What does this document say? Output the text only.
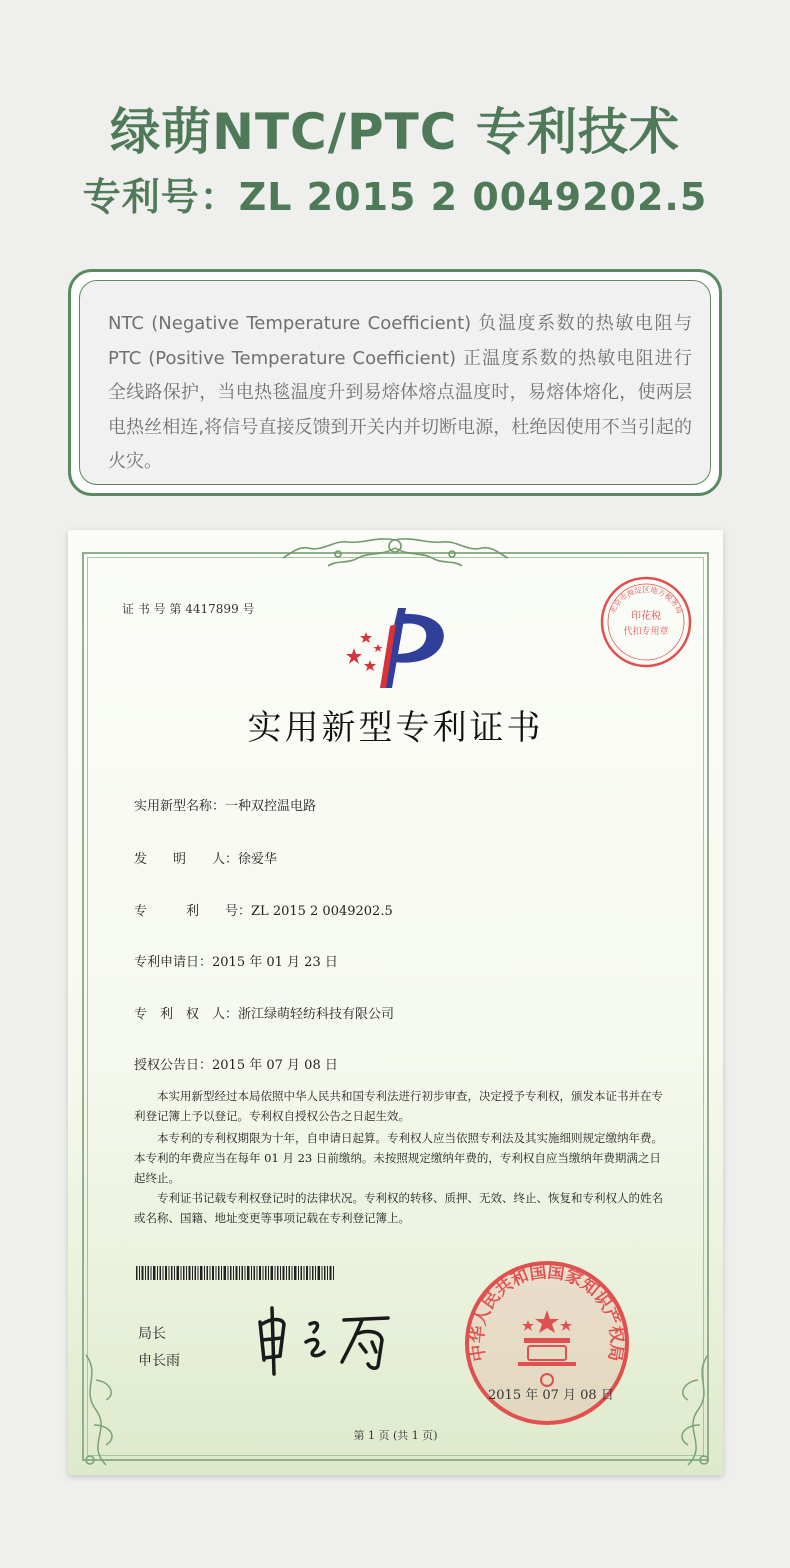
绿萌NTC/PTC 专利技术
专利号：ZL 2015 2 0049202.5

NTC (Negative Temperature Coefficient) 负温度系数的热敏电阻与PTC (Positive Temperature Coefficient) 正温度系数的热敏电阻进行全线路保护，当电热毯温度升到易熔体熔点温度时，易熔体熔化，使两层电热丝相连,将信号直接反馈到开关内并切断电源，杜绝因使用不当引起的火灾。

证 书 号 第 4417899 号
印花税
代扣专用章
北京市海淀区地方税务局
实用新型专利证书
实用新型名称：一种双控温电路
发　　明　　人：徐爱华
专　　　利　　号：ZL 2015 2 0049202.5
专利申请日：2015 年 01 月 23 日
专　利　权　人：浙江绿萌轻纺科技有限公司
授权公告日：2015 年 07 月 08 日

本实用新型经过本局依照中华人民共和国专利法进行初步审查，决定授予专利权，颁发本证书并在专利登记簿上予以登记。专利权自授权公告之日起生效。

本专利的专利权期限为十年，自申请日起算。专利权人应当依照专利法及其实施细则规定缴纳年费。本专利的年费应当在每年 01 月 23 日前缴纳。未按照规定缴纳年费的，专利权自应当缴纳年费期满之日起终止。

专利证书记载专利权登记时的法律状况。专利权的转移、质押、无效、终止、恢复和专利权人的姓名或名称、国籍、地址变更等事项记载在专利登记簿上。

局长
申长雨	中华人民共和国国家知识产权局
2015 年 07 月 08 日
第 1 页 (共 1 页)
